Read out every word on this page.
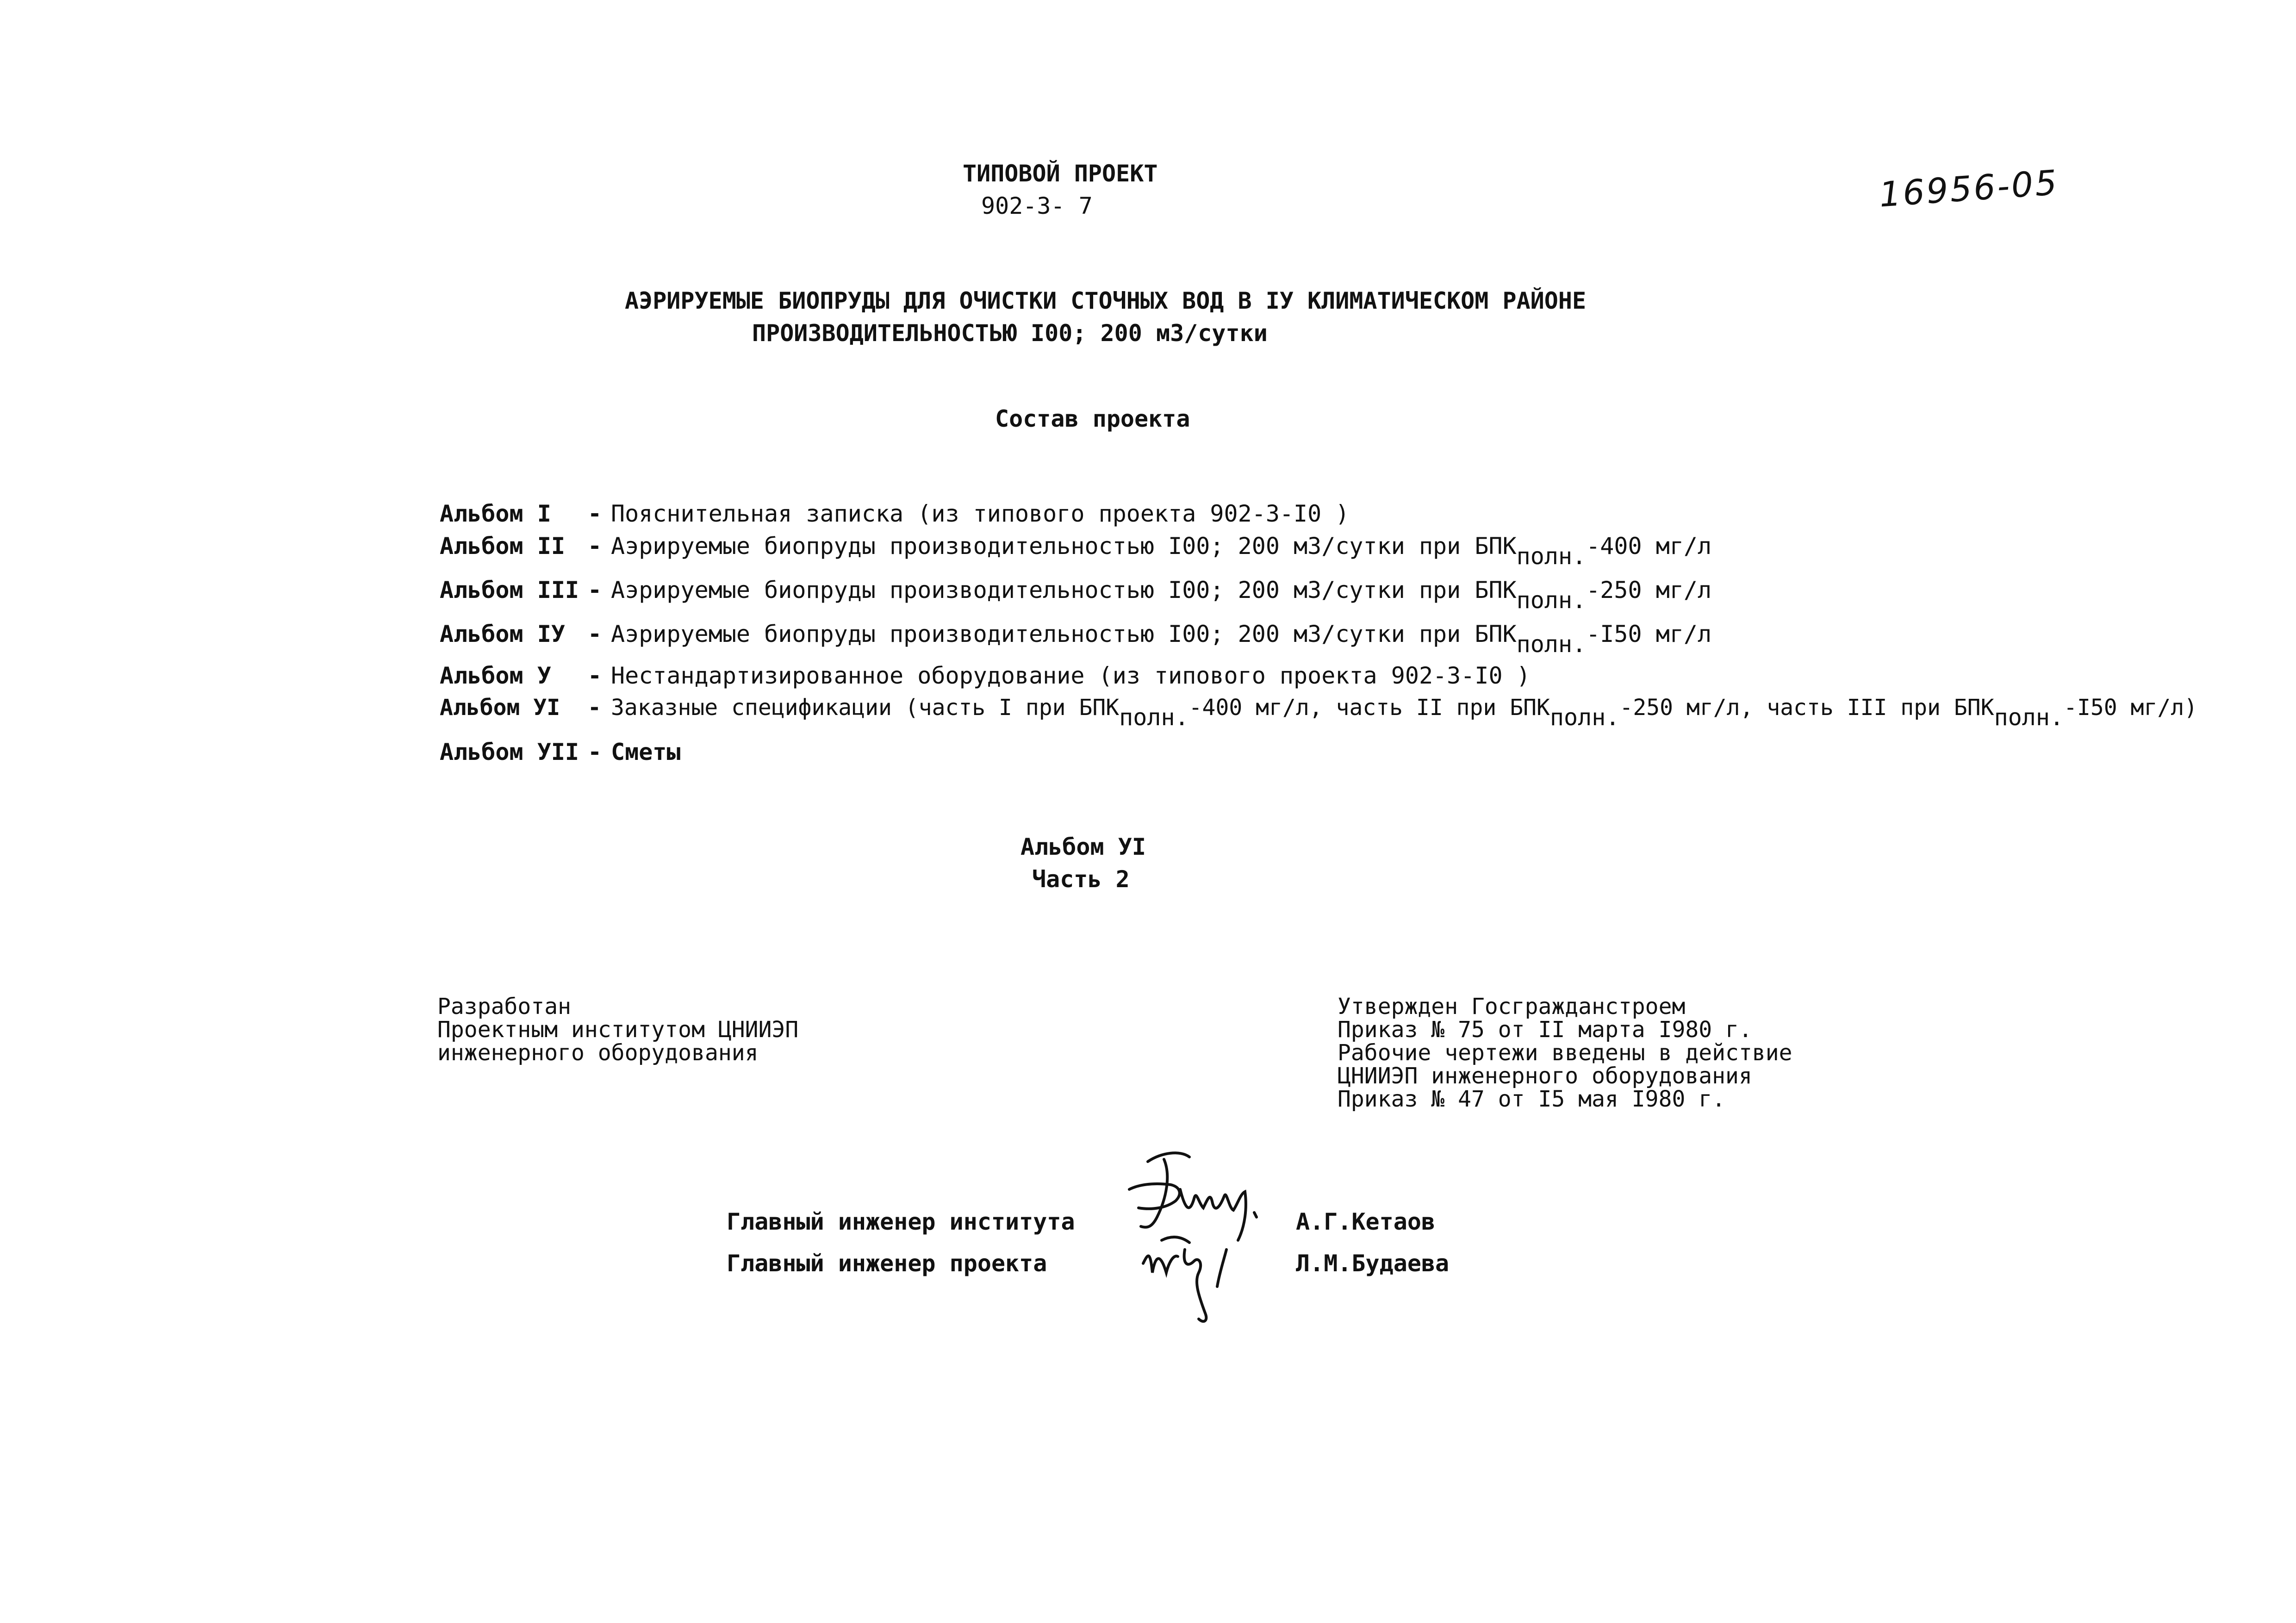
ТИПОВОЙ ПРОЕКТ
902-3- 7	16956-05
АЭРИРУЕМЫЕ БИОПРУДЫ ДЛЯ ОЧИСТКИ СТОЧНЫХ ВОД В IУ КЛИМАТИЧЕСКОМ РАЙОНЕ
ПРОИЗВОДИТЕЛЬНОСТЬЮ I00; 200 м3/сутки
Состав проекта
Альбом I - Пояснительная записка (из типового проекта 902-3-I0 )
Альбом II - Аэрируемые биопруды производительностью I00; 200 м3/сутки при $БПК_{полн.}-400$ мг/л
Альбом III - Аэрируемые биопруды производительностью I00; 200 м3/сутки при $БПК_{полн.}-250$ мг/л
Альбом IУ - Аэрируемые биопруды производительностью I00; 200 м3/сутки при $БПК_{полн.}-I50$ мг/л
Альбом У - Нестандартизированное оборудование (из типового проекта 902-3-I0 )
Альбом УI - Заказные спецификации (часть I при $БПК_{полн.}-400$ мг/л, часть II при $БПК_{полн.}-250$ мг/л, часть III при $БПК_{полн.}-I50$ мг/л)
Альбом УII - Сметы
Альбом УI
Часть 2
Разработан
Проектным институтом ЦНИИЭП
инженерного оборудования
Утвержден Госгражданстроем
Приказ № 75 от II марта I980 г.
Рабочие чертежи введены в действие
ЦНИИЭП инженерного оборудования
Приказ № 47 от I5 мая I980 г.
Главный инженер института	А.Г.Кетаов
Главный инженер проекта	Л.М.Будаева
